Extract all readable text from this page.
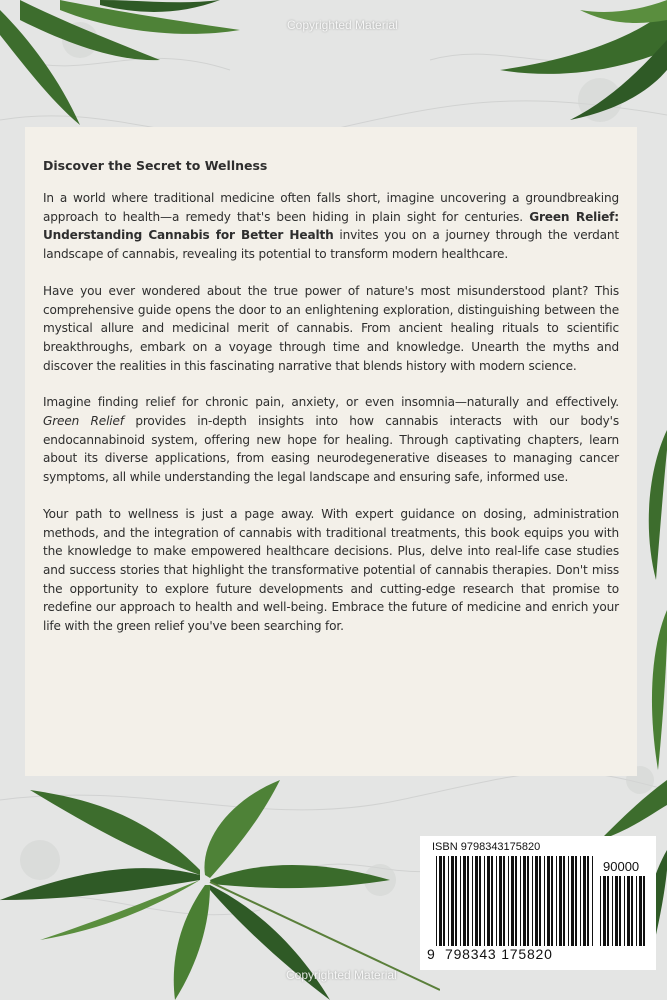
Copyrighted Material
Discover the Secret to Wellness

In a world where traditional medicine often falls short, imagine uncovering a groundbreaking approach to health—a remedy that's been hiding in plain sight for centuries. Green Relief: Understanding Cannabis for Better Health invites you on a journey through the verdant landscape of cannabis, revealing its potential to transform modern healthcare.

Have you ever wondered about the true power of nature's most misunderstood plant? This comprehensive guide opens the door to an enlightening exploration, distinguishing between the mystical allure and medicinal merit of cannabis. From ancient healing rituals to scientific breakthroughs, embark on a voyage through time and knowledge. Unearth the myths and discover the realities in this fascinating narrative that blends history with modern science.

Imagine finding relief for chronic pain, anxiety, or even insomnia—naturally and effectively. Green Relief provides in-depth insights into how cannabis interacts with our body's endocannabinoid system, offering new hope for healing. Through captivating chapters, learn about its diverse applications, from easing neurodegenerative diseases to managing cancer symptoms, all while understanding the legal landscape and ensuring safe, informed use.

Your path to wellness is just a page away. With expert guidance on dosing, administration methods, and the integration of cannabis with traditional treatments, this book equips you with the knowledge to make empowered healthcare decisions. Plus, delve into real-life case studies and success stories that highlight the transformative potential of cannabis therapies. Don't miss the opportunity to explore future developments and cutting-edge research that promise to redefine our approach to health and well-being. Embrace the future of medicine and enrich your life with the green relief you've been searching for.

ISBN 9798343175820
90000
9 798343 175820
Copyrighted Material
